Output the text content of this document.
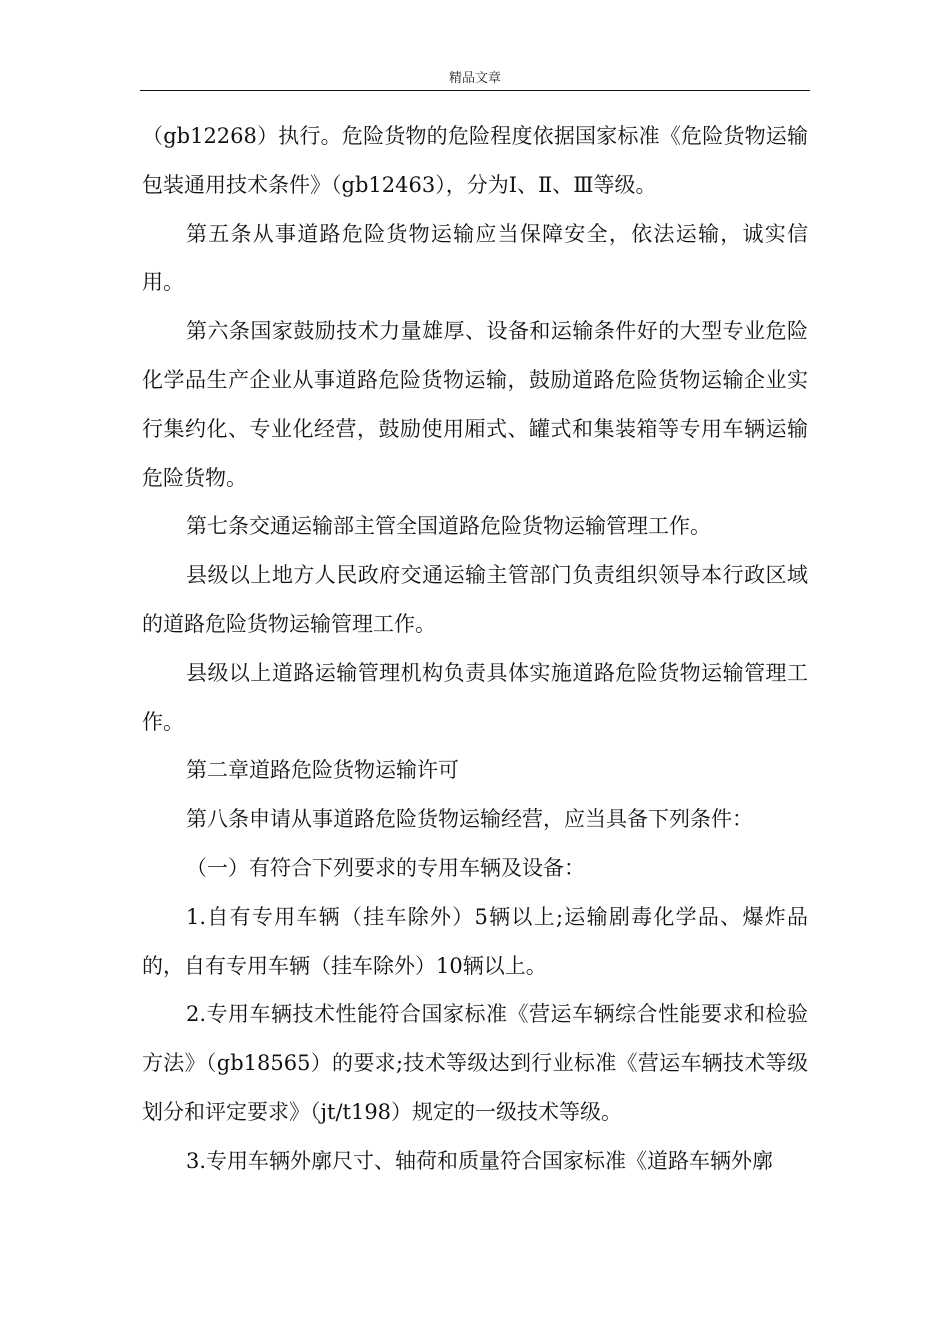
精品文章

（gb12268）执行。危险货物的危险程度依据国家标准《危险货物运输包装通用技术条件》（gb12463），分为Ⅰ、Ⅱ、Ⅲ等级。

第五条从事道路危险货物运输应当保障安全，依法运输，诚实信用。

第六条国家鼓励技术力量雄厚、设备和运输条件好的大型专业危险化学品生产企业从事道路危险货物运输，鼓励道路危险货物运输企业实行集约化、专业化经营，鼓励使用厢式、罐式和集装箱等专用车辆运输危险货物。

第七条交通运输部主管全国道路危险货物运输管理工作。

县级以上地方人民政府交通运输主管部门负责组织领导本行政区域的道路危险货物运输管理工作。

县级以上道路运输管理机构负责具体实施道路危险货物运输管理工作。

第二章道路危险货物运输许可

第八条申请从事道路危险货物运输经营，应当具备下列条件：

（一）有符合下列要求的专用车辆及设备：

1.自有专用车辆（挂车除外）5辆以上;运输剧毒化学品、爆炸品的，自有专用车辆（挂车除外）10辆以上。

2.专用车辆技术性能符合国家标准《营运车辆综合性能要求和检验方法》（gb18565）的要求;技术等级达到行业标准《营运车辆技术等级划分和评定要求》（jt/t198）规定的一级技术等级。

3.专用车辆外廓尺寸、轴荷和质量符合国家标准《道路车辆外廓
